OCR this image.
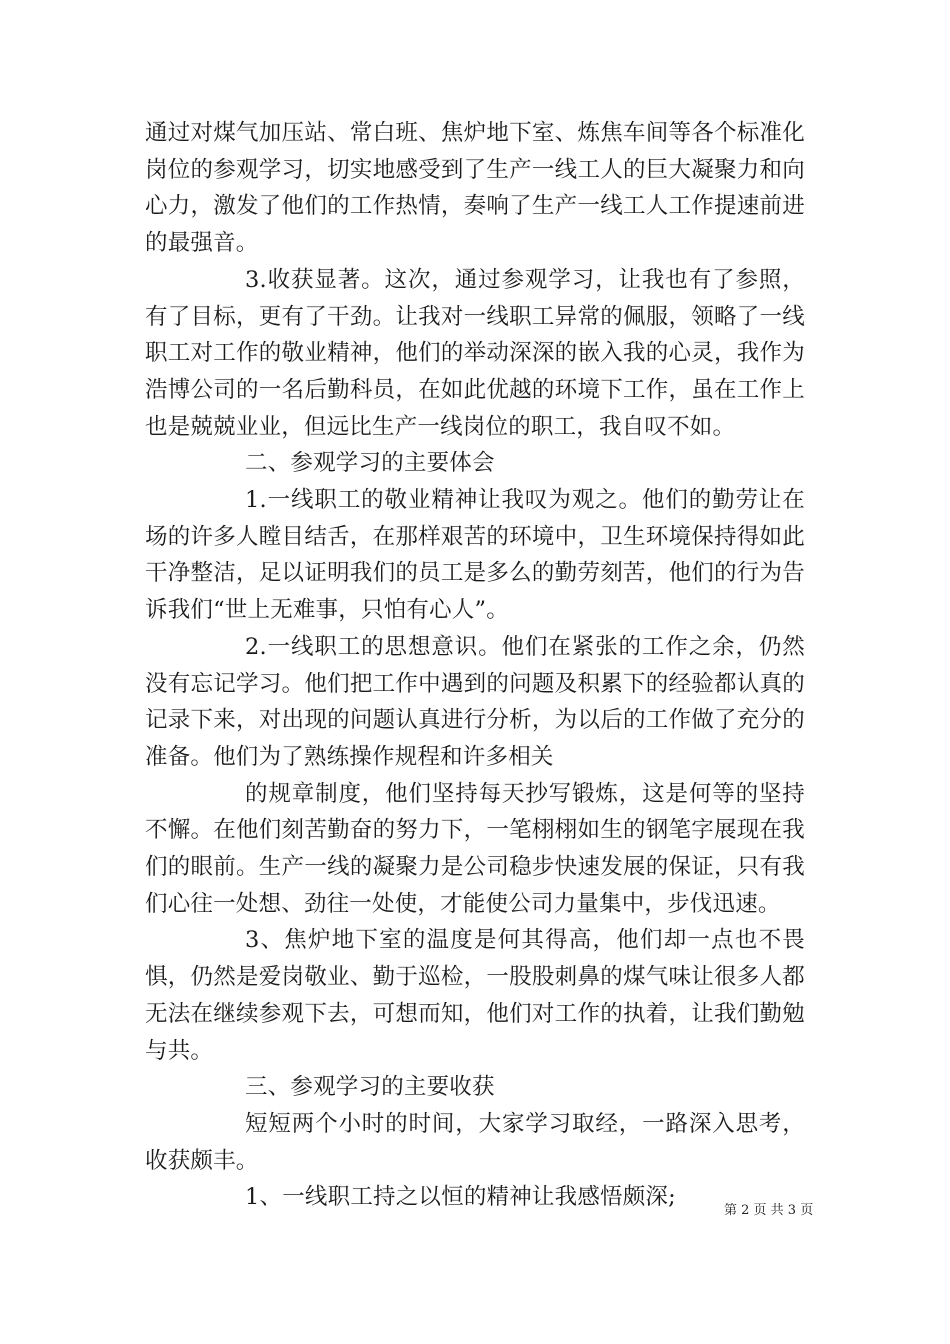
通过对煤气加压站、常白班、焦炉地下室、炼焦车间等各个标准化岗位的参观学习，切实地感受到了生产一线工人的巨大凝聚力和向心力，激发了他们的工作热情，奏响了生产一线工人工作提速前进的最强音。

3.收获显著。这次，通过参观学习，让我也有了参照，有了目标，更有了干劲。让我对一线职工异常的佩服，领略了一线职工对工作的敬业精神，他们的举动深深的嵌入我的心灵，我作为浩博公司的一名后勤科员，在如此优越的环境下工作，虽在工作上也是兢兢业业，但远比生产一线岗位的职工，我自叹不如。

二、参观学习的主要体会

1.一线职工的敬业精神让我叹为观之。他们的勤劳让在场的许多人瞠目结舌，在那样艰苦的环境中，卫生环境保持得如此干净整洁，足以证明我们的员工是多么的勤劳刻苦，他们的行为告诉我们“世上无难事，只怕有心人”。

2.一线职工的思想意识。他们在紧张的工作之余，仍然没有忘记学习。他们把工作中遇到的问题及积累下的经验都认真的记录下来，对出现的问题认真进行分析，为以后的工作做了充分的准备。他们为了熟练操作规程和许多相关

的规章制度，他们坚持每天抄写锻炼，这是何等的坚持不懈。在他们刻苦勤奋的努力下，一笔栩栩如生的钢笔字展现在我们的眼前。生产一线的凝聚力是公司稳步快速发展的保证，只有我们心往一处想、劲往一处使，才能使公司力量集中，步伐迅速。

3、焦炉地下室的温度是何其得高，他们却一点也不畏惧，仍然是爱岗敬业、勤于巡检，一股股刺鼻的煤气味让很多人都无法在继续参观下去，可想而知，他们对工作的执着，让我们勤勉与共。

三、参观学习的主要收获

短短两个小时的时间，大家学习取经，一路深入思考，收获颇丰。

1、一线职工持之以恒的精神让我感悟颇深;

第 2 页 共 3 页
